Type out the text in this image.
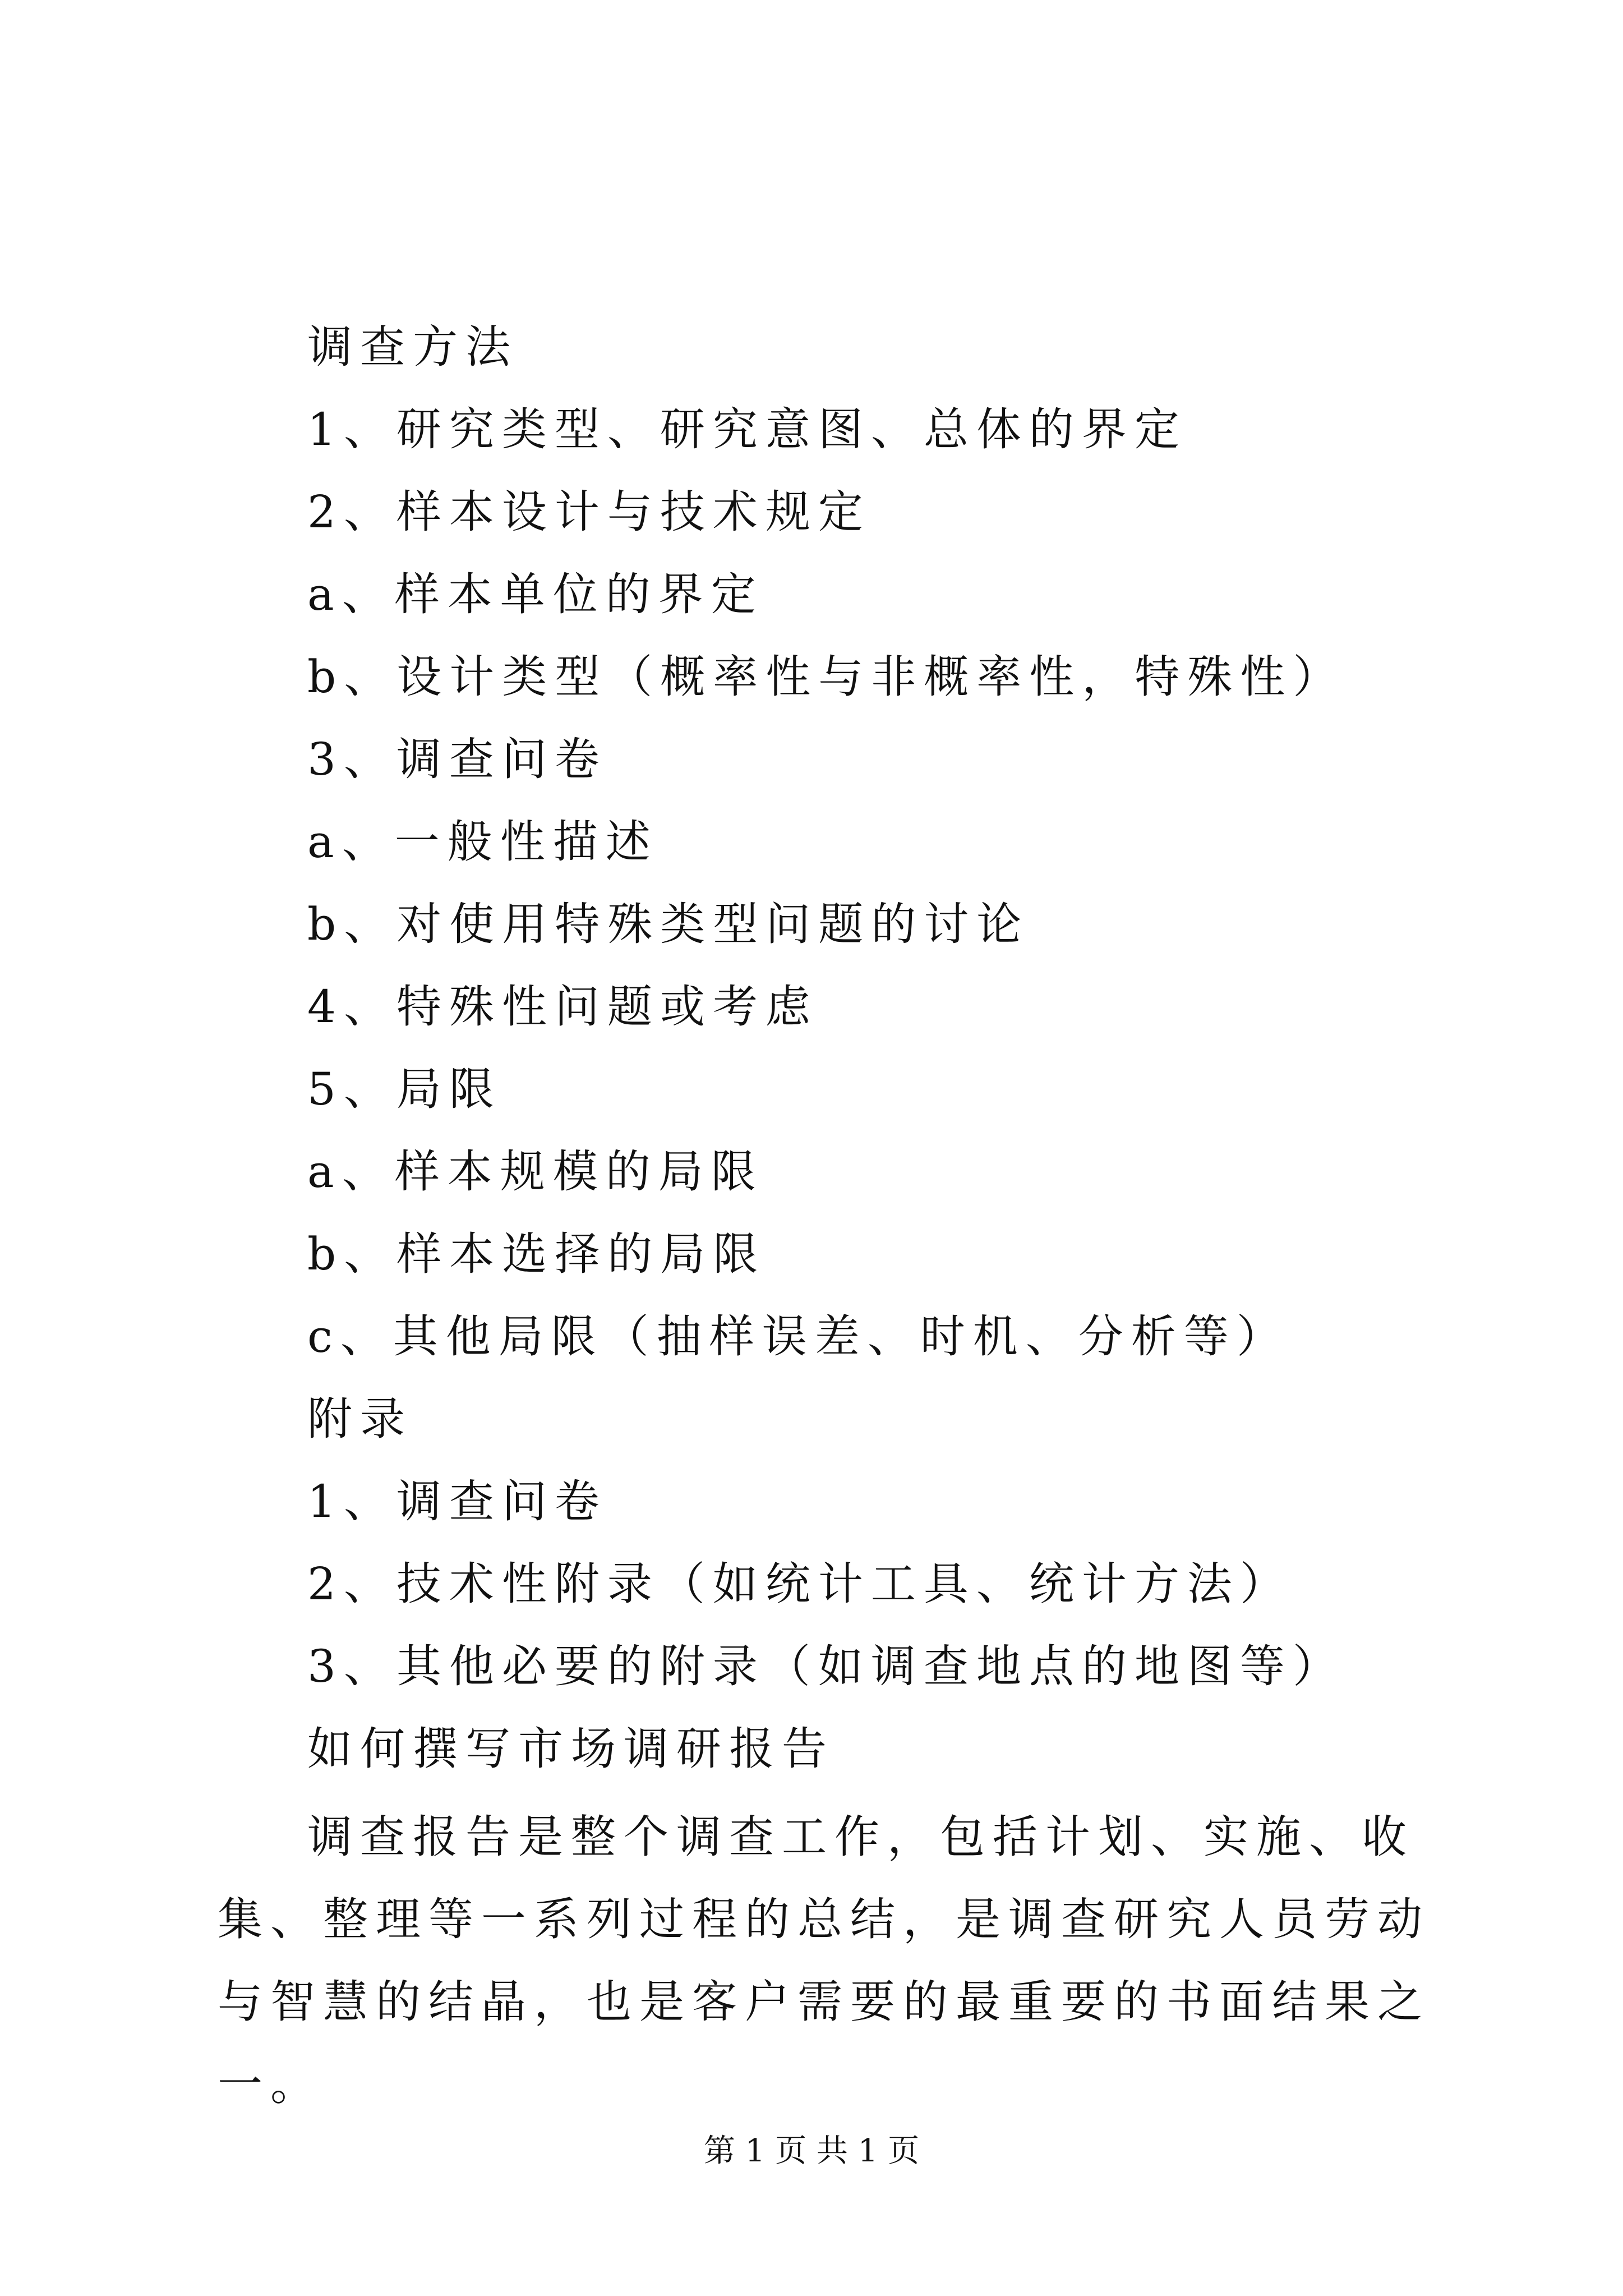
调查方法
1、研究类型、研究意图、总体的界定
2、样本设计与技术规定
a、样本单位的界定
b、设计类型（概率性与非概率性，特殊性）
3、调查问卷
a、一般性描述
b、对使用特殊类型问题的讨论
4、特殊性问题或考虑
5、局限
a、样本规模的局限
b、样本选择的局限
c、其他局限（抽样误差、时机、分析等）
附录
1、调查问卷
2、技术性附录（如统计工具、统计方法）
3、其他必要的附录（如调查地点的地图等）
如何撰写市场调研报告

调查报告是整个调查工作，包括计划、实施、收集、整理等一系列过程的总结，是调查研究人员劳动与智慧的结晶，也是客户需要的最重要的书面结果之一。

第 1 页 共 1 页
